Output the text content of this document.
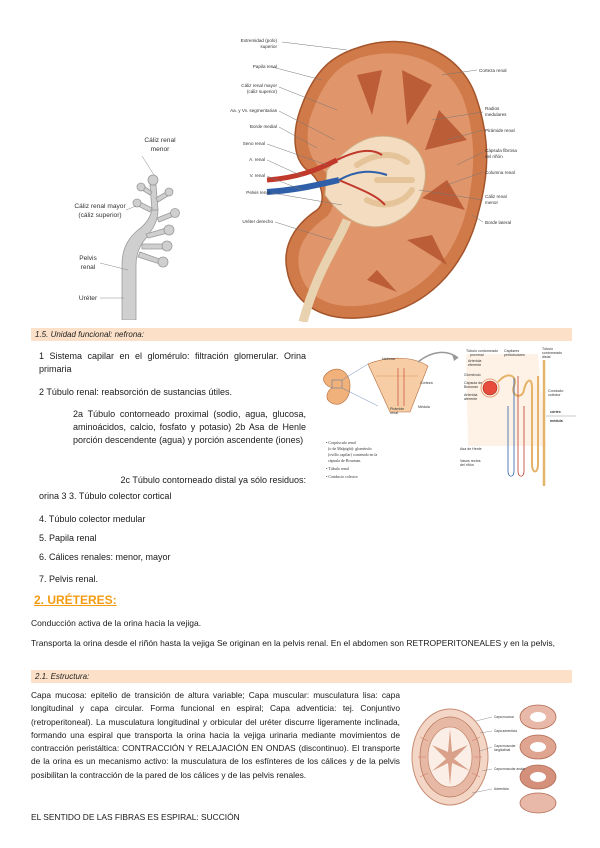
Extremidad (polo)
superior
Papila renal
Cáliz renal mayor
(cáliz superior)
Aa. y Vv. segmentarias
Borde medial
Seno renal
A. renal
V. renal
Pelvis renal
Uréter derecho
Corteza renal
Radios
medulares
Pirámide renal
Cápsula fibrosa
del riñón
Columna renal
Cáliz renal
menor
Borde lateral
Cáliz renal
menor
Cáliz renal mayor
(cáliz superior)
Pelvis
renal
Uréter
1.5. Unidad funcional: nefrona:
1 Sistema capilar en el glomérulo: filtración glomerular. Orina primaria
2 Túbulo renal: reabsorción de sustancias útiles.
2a Túbulo contorneado proximal (sodio, agua, glucosa, aminoácidos, calcio, fosfato y potasio) 2b Asa de Henle porción descendente (agua) y porción ascendente (iones)
2c Túbulo contorneado distal ya sólo residuos:
orina 3 3. Túbulo colector cortical
4. Túbulo colector medular
5. Papila renal
6. Cálices renales: menor, mayor
7. Pelvis renal.
Nefrona
Corteza
Médula
Pirámide
renal
Túbulo contorneado
proximal
Arteriola
eferente
Glomérulo
Cápsula de
Bowman
Arteriola
aferente
Asa de Henle
Vasos rectos
del riñón
Capilares
peritubulares
Túbulo
contorneado
distal
Conducto
colector
córtex
médula
• Corpúsculo renal
(o de Malpighi): glomérulo
(ovillo capilar) contenido en la
cápsula de Bowman.
• Túbulo renal
• Conducto colector
2. URÉTERES:
Conducción activa de la orina hacia la vejiga.
Transporta la orina desde el riñón hasta la vejiga Se originan en la pelvis renal. En el abdomen son RETROPERITONEALES y en la pelvis,
2.1. Estructura:
Capa mucosa: epitelio de transición de altura variable; Capa muscular: musculatura lisa: capa longitudinal y capa circular. Forma funcional en espiral; Capa adventicia: tej. Conjuntivo (retroperitoneal). La musculatura longitudinal y orbicular del uréter discurre ligeramente inclinada, formando una espiral que transporta la orina hacia la vejiga urinaria mediante movimientos de contracción peristáltica: CONTRACCIÓN Y RELAJACIÓN EN ONDAS (discontinuo). El transporte de la orina es un mecanismo activo: la musculatura de los esfínteres de los cálices y de la pelvis posibilitan la contracción de la pared de los cálices y de las pelvis renales.
EL SENTIDO DE LAS FIBRAS ES ESPIRAL: SUCCIÓN
Capa mucosa
Capa adventicia
Capa muscular
longitudinal
Capa muscular anular
Adventicia
